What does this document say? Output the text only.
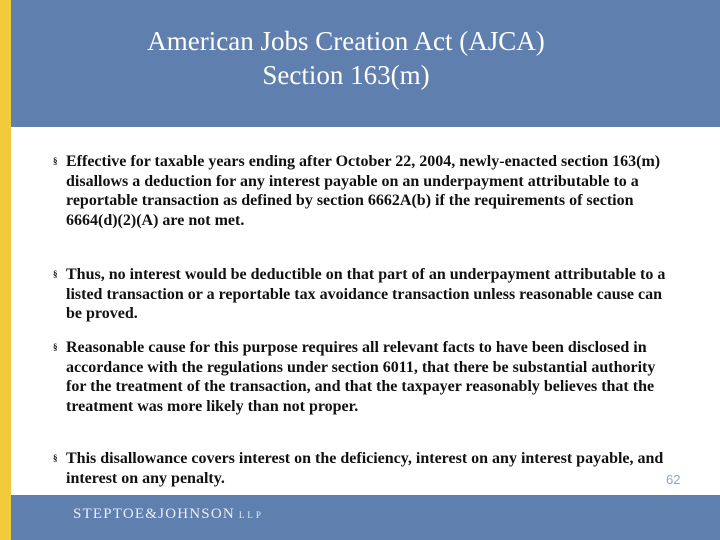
American Jobs Creation Act (AJCA)
Section 163(m)
§ Effective for taxable years ending after October 22, 2004, newly-enacted section 163(m) disallows a deduction for any interest payable on an underpayment attributable to a reportable transaction as defined by section 6662A(b) if the requirements of section 6664(d)(2)(A) are not met.
§ Thus, no interest would be deductible on that part of an underpayment attributable to a listed transaction or a reportable tax avoidance transaction unless reasonable cause can be proved.
§ Reasonable cause for this purpose requires all relevant facts to have been disclosed in accordance with the regulations under section 6011, that there be substantial authority for the treatment of the transaction, and that the taxpayer reasonably believes that the treatment was more likely than not proper.
§ This disallowance covers interest on the deficiency, interest on any interest payable, and interest on any penalty.	62
STEPTOE&JOHNSON LLP
